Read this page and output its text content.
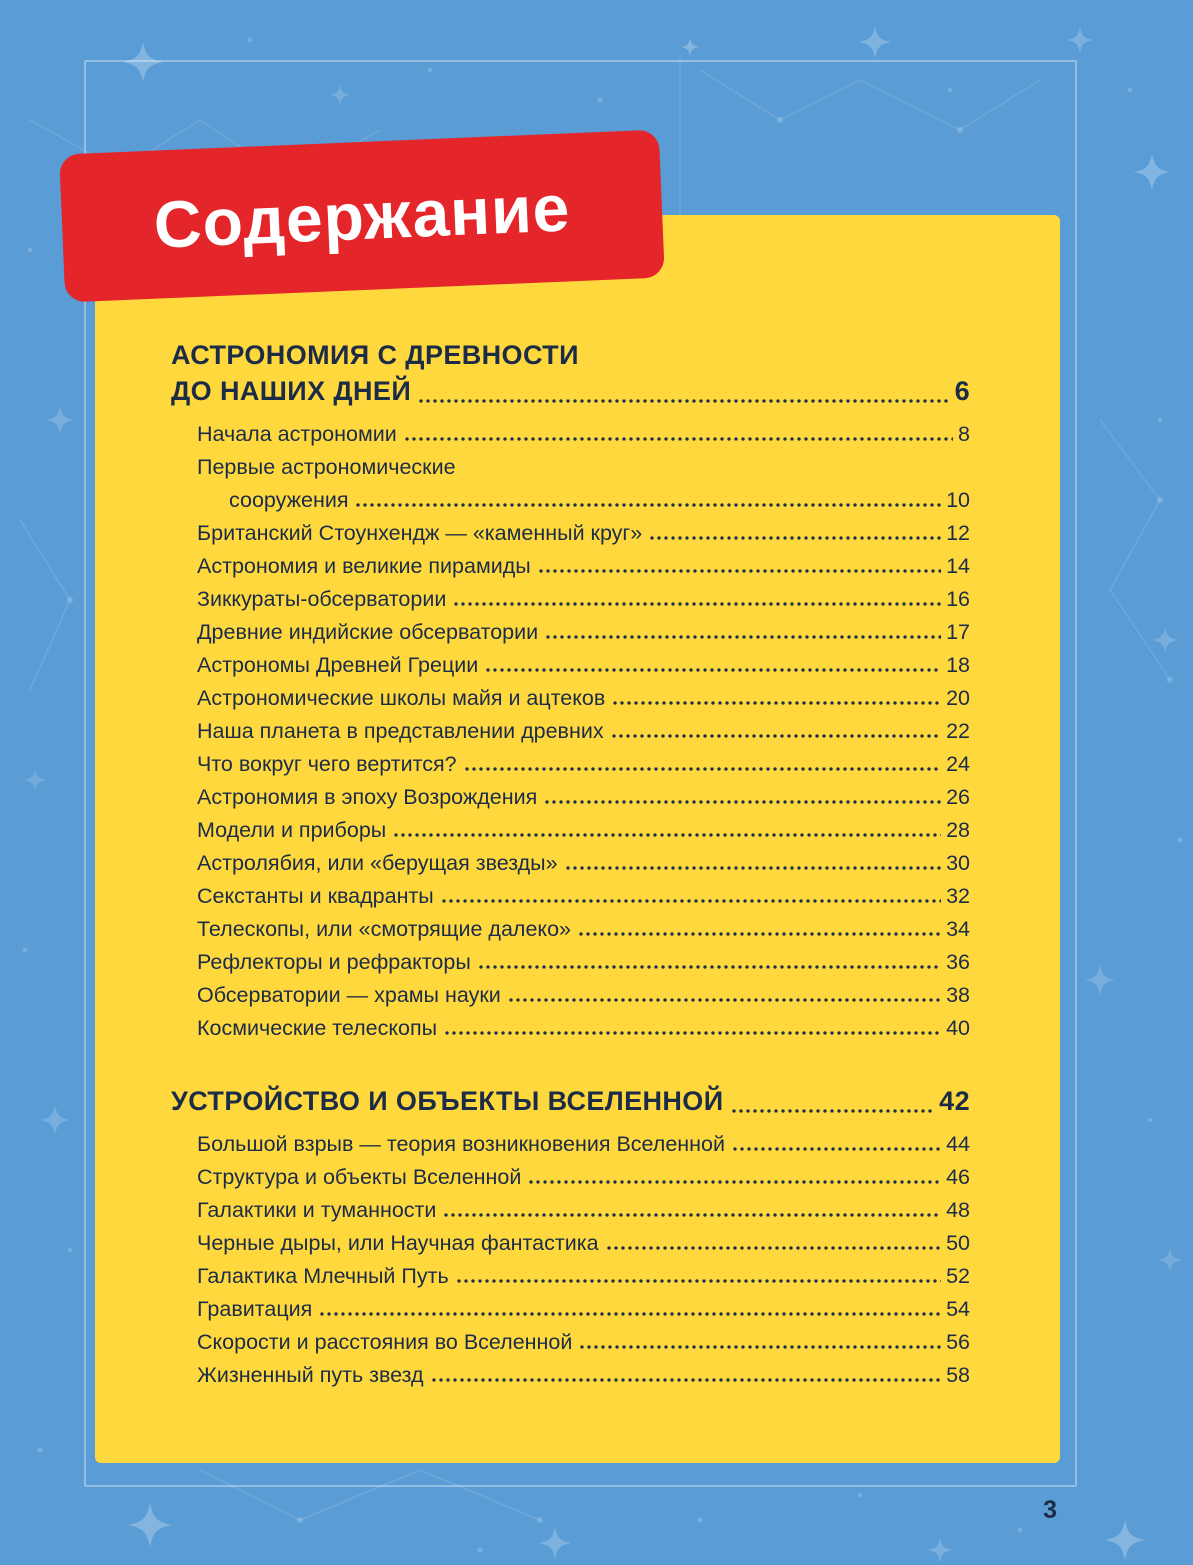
АСТРОНОМИЯ С ДРЕВНОСТИ
ДО НАШИХ ДНЕЙ	6
Начала астрономии	8
Первые астрономические
сооружения	10
Британский Стоунхендж — «каменный круг»	12
Астрономия и великие пирамиды	14
Зиккураты-обсерватории	16
Древние индийские обсерватории	17
Астрономы Древней Греции	18
Астрономические школы майя и ацтеков	20
Наша планета в представлении древних	22
Что вокруг чего вертится?	24
Астрономия в эпоху Возрождения	26
Модели и приборы	28
Астролябия, или «берущая звезды»	30
Секстанты и квадранты	32
Телескопы, или «смотрящие далеко»	34
Рефлекторы и рефракторы	36
Обсерватории — храмы науки	38
Космические телескопы	40
УСТРОЙСТВО И ОБЪЕКТЫ ВСЕЛЕННОЙ	42
Большой взрыв — теория возникновения Вселенной	44
Структура и объекты Вселенной	46
Галактики и туманности	48
Черные дыры, или Научная фантастика	50
Галактика Млечный Путь	52
Гравитация	54
Скорости и расстояния во Вселенной	56
Жизненный путь звезд	58
Содержание
3
